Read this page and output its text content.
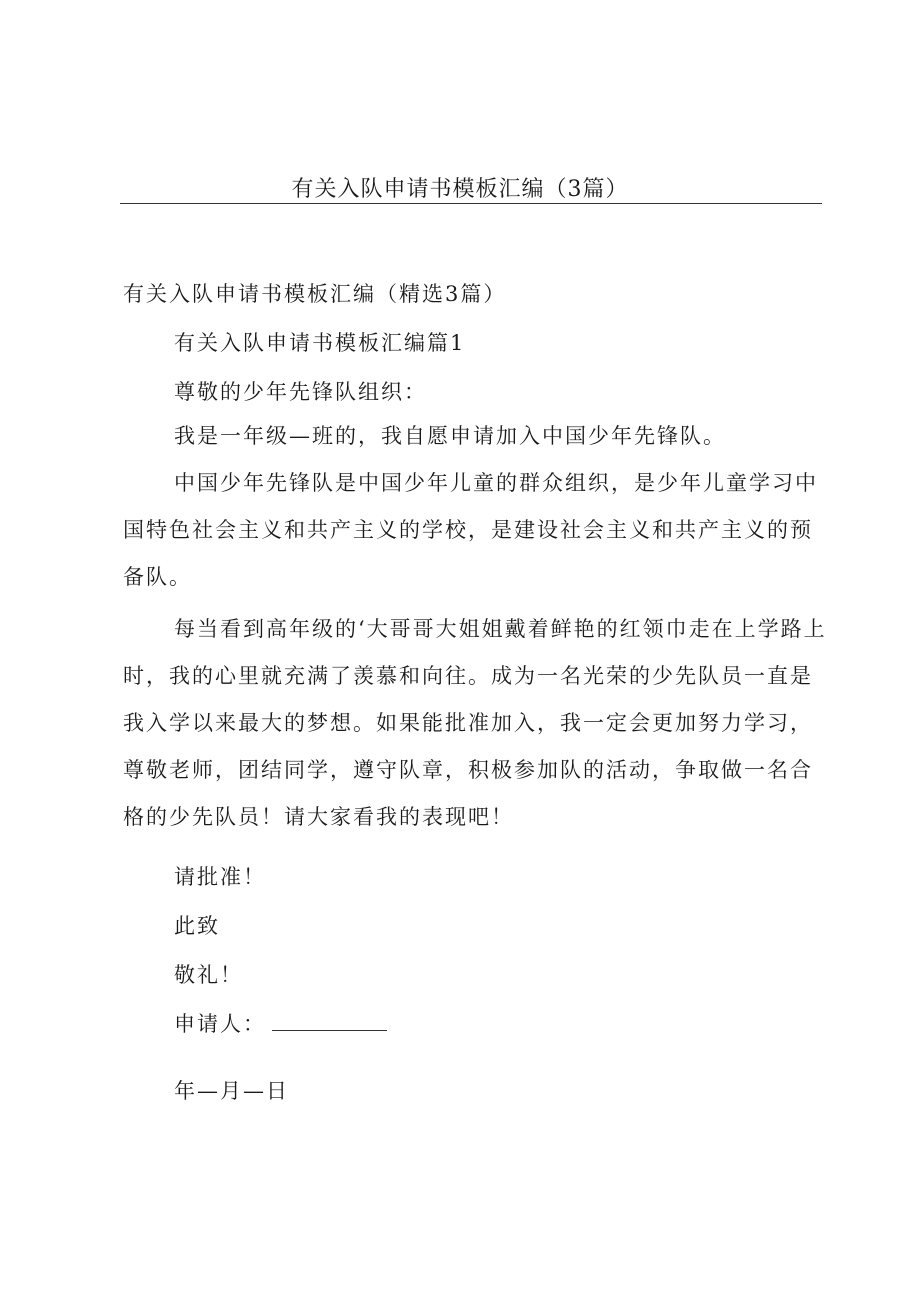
有关入队申请书模板汇编（3篇）
有关入队申请书模板汇编（精选3篇）
有关入队申请书模板汇编篇1
尊敬的少年先锋队组织：
我是一年级—班的，我自愿申请加入中国少年先锋队。
中国少年先锋队是中国少年儿童的群众组织，是少年儿童学习中国特色社会主义和共产主义的学校，是建设社会主义和共产主义的预备队。
每当看到高年级的‘大哥哥大姐姐戴着鲜艳的红领巾走在上学路上时，我的心里就充满了羡慕和向往。成为一名光荣的少先队员一直是我入学以来最大的梦想。如果能批准加入，我一定会更加努力学习，尊敬老师，团结同学，遵守队章，积极参加队的活动，争取做一名合格的少先队员！请大家看我的表现吧！
请批准！
此致
敬礼！
申请人：
年—月—日
